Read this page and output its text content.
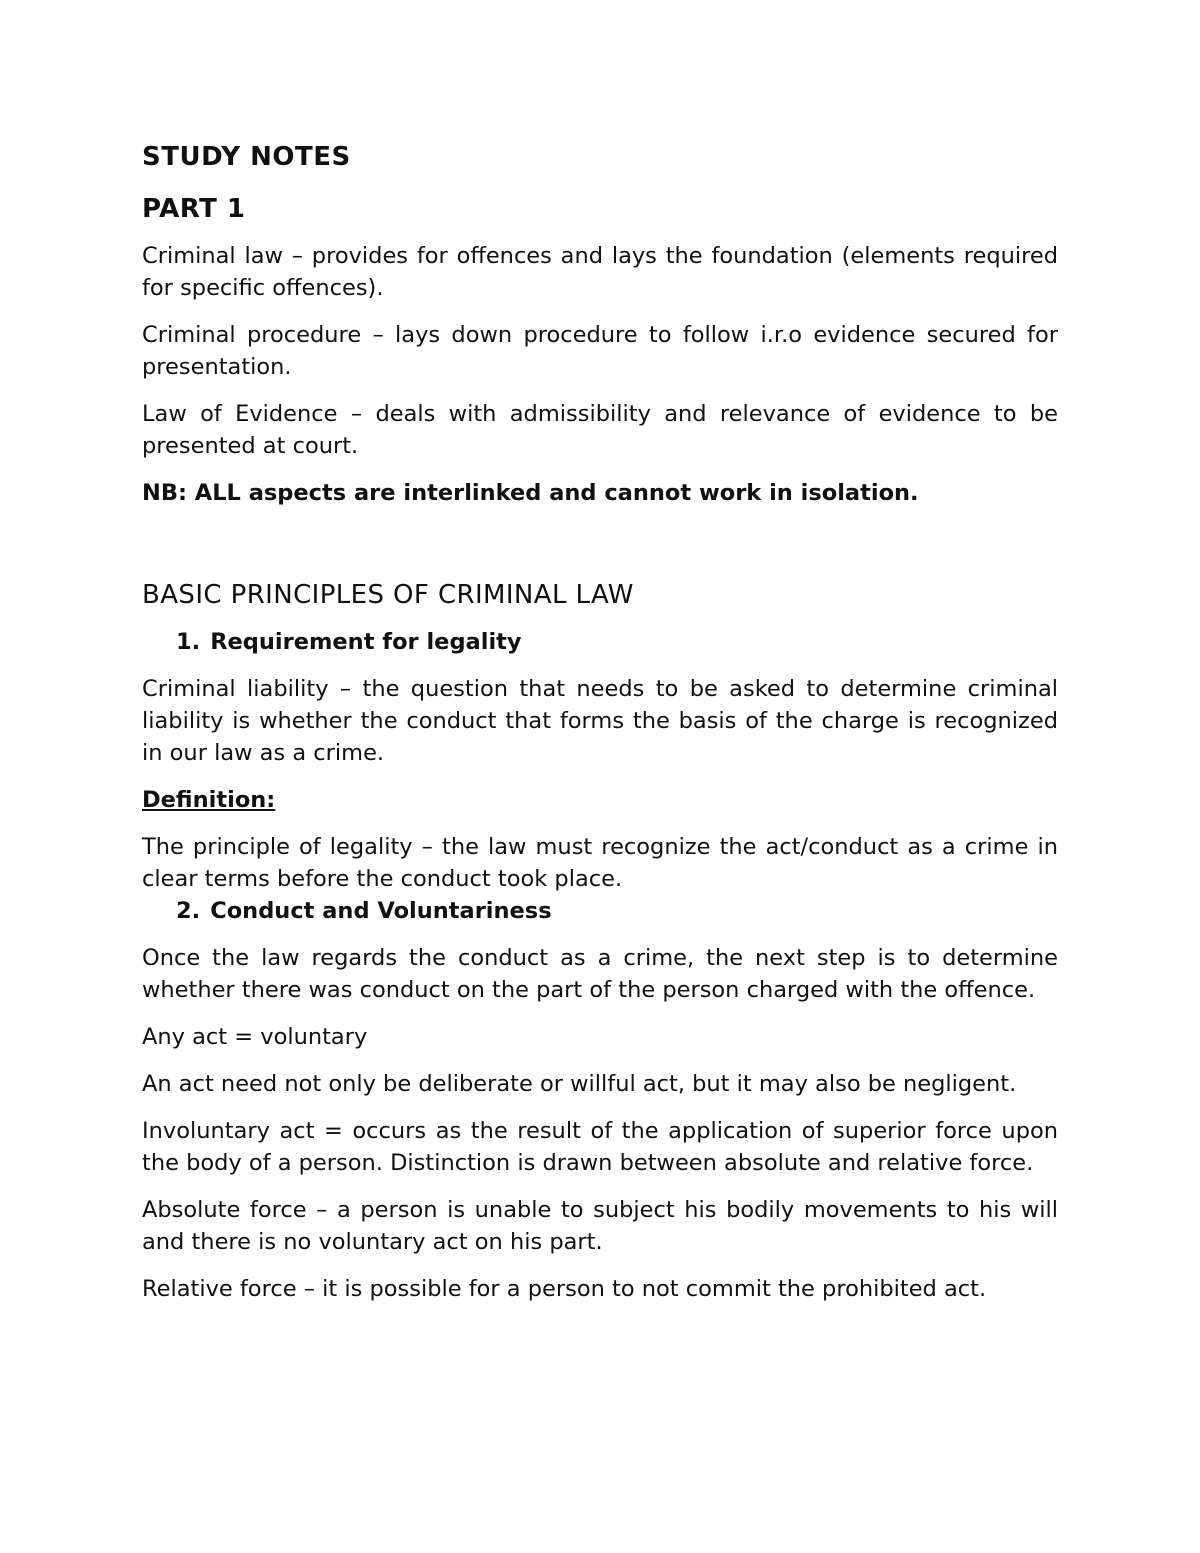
STUDY NOTES
PART 1

Criminal law – provides for offences and lays the foundation (elements required for specific offences).

Criminal procedure – lays down procedure to follow i.r.o evidence secured for presentation.

Law of Evidence – deals with admissibility and relevance of evidence to be presented at court.

NB: ALL aspects are interlinked and cannot work in isolation.

BASIC PRINCIPLES OF CRIMINAL LAW
1. Requirement for legality

Criminal liability – the question that needs to be asked to determine criminal liability is whether the conduct that forms the basis of the charge is recognized in our law as a crime.

Definition:

The principle of legality – the law must recognize the act/conduct as a crime in clear terms before the conduct took place.

2. Conduct and Voluntariness

Once the law regards the conduct as a crime, the next step is to determine whether there was conduct on the part of the person charged with the offence.

Any act = voluntary

An act need not only be deliberate or willful act, but it may also be negligent.

Involuntary act = occurs as the result of the application of superior force upon the body of a person. Distinction is drawn between absolute and relative force.

Absolute force – a person is unable to subject his bodily movements to his will and there is no voluntary act on his part.

Relative force – it is possible for a person to not commit the prohibited act.
